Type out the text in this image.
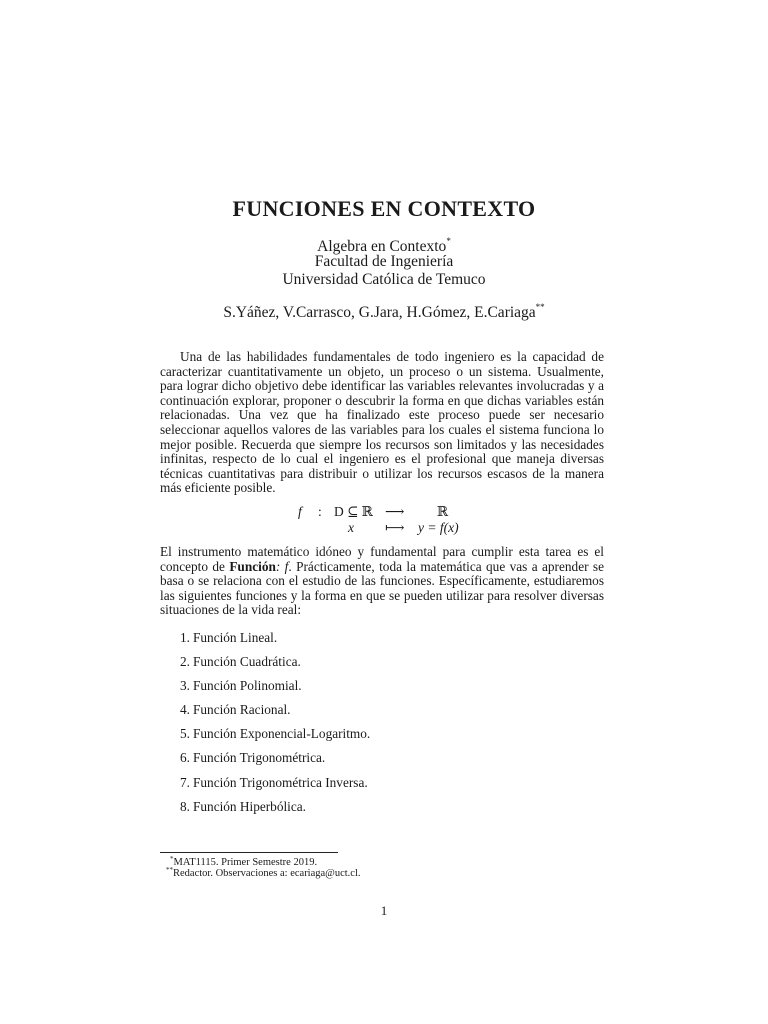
FUNCIONES EN CONTEXTO
Algebra en Contexto*
Facultad de Ingeniería
Universidad Católica de Temuco
S.Yáñez, V.Carrasco, G.Jara, H.Gómez, E.Cariaga**
Una de las habilidades fundamentales de todo ingeniero es la capacidad de caracterizar cuantitativamente un objeto, un proceso o un sistema. Usualmente, para lograr dicho objetivo debe identificar las variables relevantes involucradas y a continuación explorar, proponer o descubrir la forma en que dichas variables están relacionadas. Una vez que ha finalizado este proceso puede ser necesario seleccionar aquellos valores de las variables para los cuales el sistema funciona lo mejor posible. Recuerda que siempre los recursos son limitados y las necesidades infinitas, respecto de lo cual el ingeniero es el profesional que maneja diversas técnicas cuantitativas para distribuir o utilizar los recursos escasos de la manera más eficiente posible.
f : D ⊆ ℝ ⟶ ℝ
x ⟼ y = f(x)
El instrumento matemático idóneo y fundamental para cumplir esta tarea es el concepto de Función: f. Prácticamente, toda la matemática que vas a aprender se basa o se relaciona con el estudio de las funciones. Específicamente, estudiaremos las siguientes funciones y la forma en que se pueden utilizar para resolver diversas situaciones de la vida real:
1. Función Lineal.
2. Función Cuadrática.
3. Función Polinomial.
4. Función Racional.
5. Función Exponencial-Logaritmo.
6. Función Trigonométrica.
7. Función Trigonométrica Inversa.
8. Función Hiperbólica.
*MAT1115. Primer Semestre 2019.
**Redactor. Observaciones a: ecariaga@uct.cl.
1
